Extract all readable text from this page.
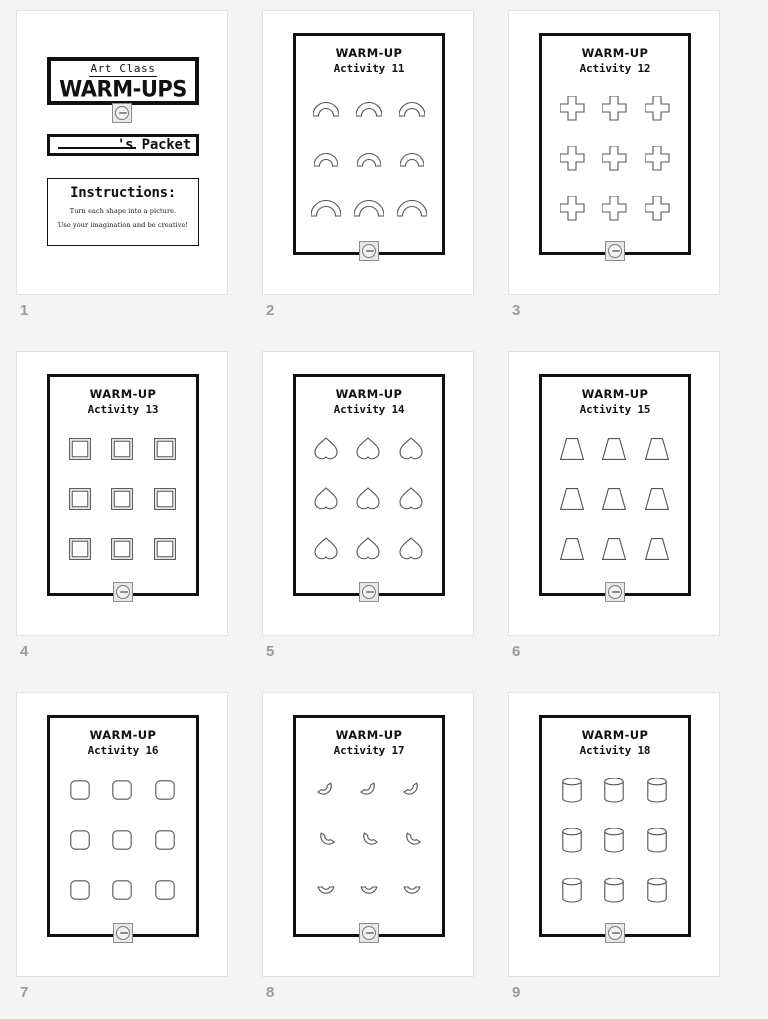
Art Class
WARM-UPS
's Packet
Instructions:
Turn each shape into a picture.
Use your imagination and be creative!
1
WARM-UP
Activity 11
2
WARM-UP
Activity 12
3
WARM-UP
Activity 13
4
WARM-UP
Activity 14
5
WARM-UP
Activity 15
6
WARM-UP
Activity 16
7
WARM-UP
Activity 17
8
WARM-UP
Activity 18
9
